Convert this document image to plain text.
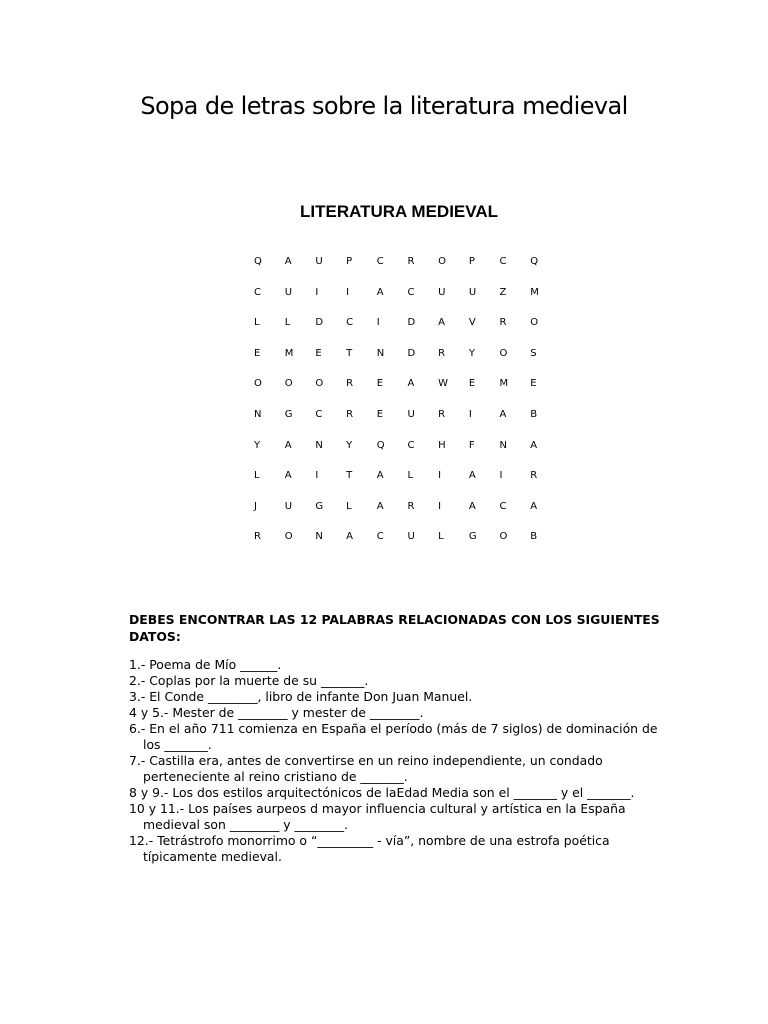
Sopa de letras sobre la literatura medieval
LITERATURA MEDIEVAL
Q	A	U	P	C	R	O	P	C	Q
C	U	I	I	A	C	U	U	Z	M
L	L	D	C	I	D	A	V	R	O
E	M	E	T	N	D	R	Y	O	S
O	O	O	R	E	A	W	E	M	E
N	G	C	R	E	U	R	I	A	B
Y	A	N	Y	Q	C	H	F	N	A
L	A	I	T	A	L	I	A	I	R
J	U	G	L	A	R	I	A	C	A
R	O	N	A	C	U	L	G	O	B
DEBES ENCONTRAR LAS 12 PALABRAS RELACIONADAS CON LOS SIGUIENTES DATOS:
1.- Poema de Mío ______.
2.- Coplas por la muerte de su _______.
3.- El Conde ________, libro de infante Don Juan Manuel.
4 y 5.- Mester de ________ y mester de ________.
6.- En el año 711 comienza en España el período (más de 7 siglos) de dominación de los _______.
7.- Castilla era, antes de convertirse en un reino independiente, un condado perteneciente al reino cristiano de _______.
8 y 9.- Los dos estilos arquitectónicos de laEdad Media son el _______ y el _______.
10 y 11.- Los países aurpeos d mayor influencia cultural y artística en la España medieval son ________ y ________.
12.- Tetrástrofo monorrimo o “_________ - vía”, nombre de una estrofa poética típicamente medieval.
